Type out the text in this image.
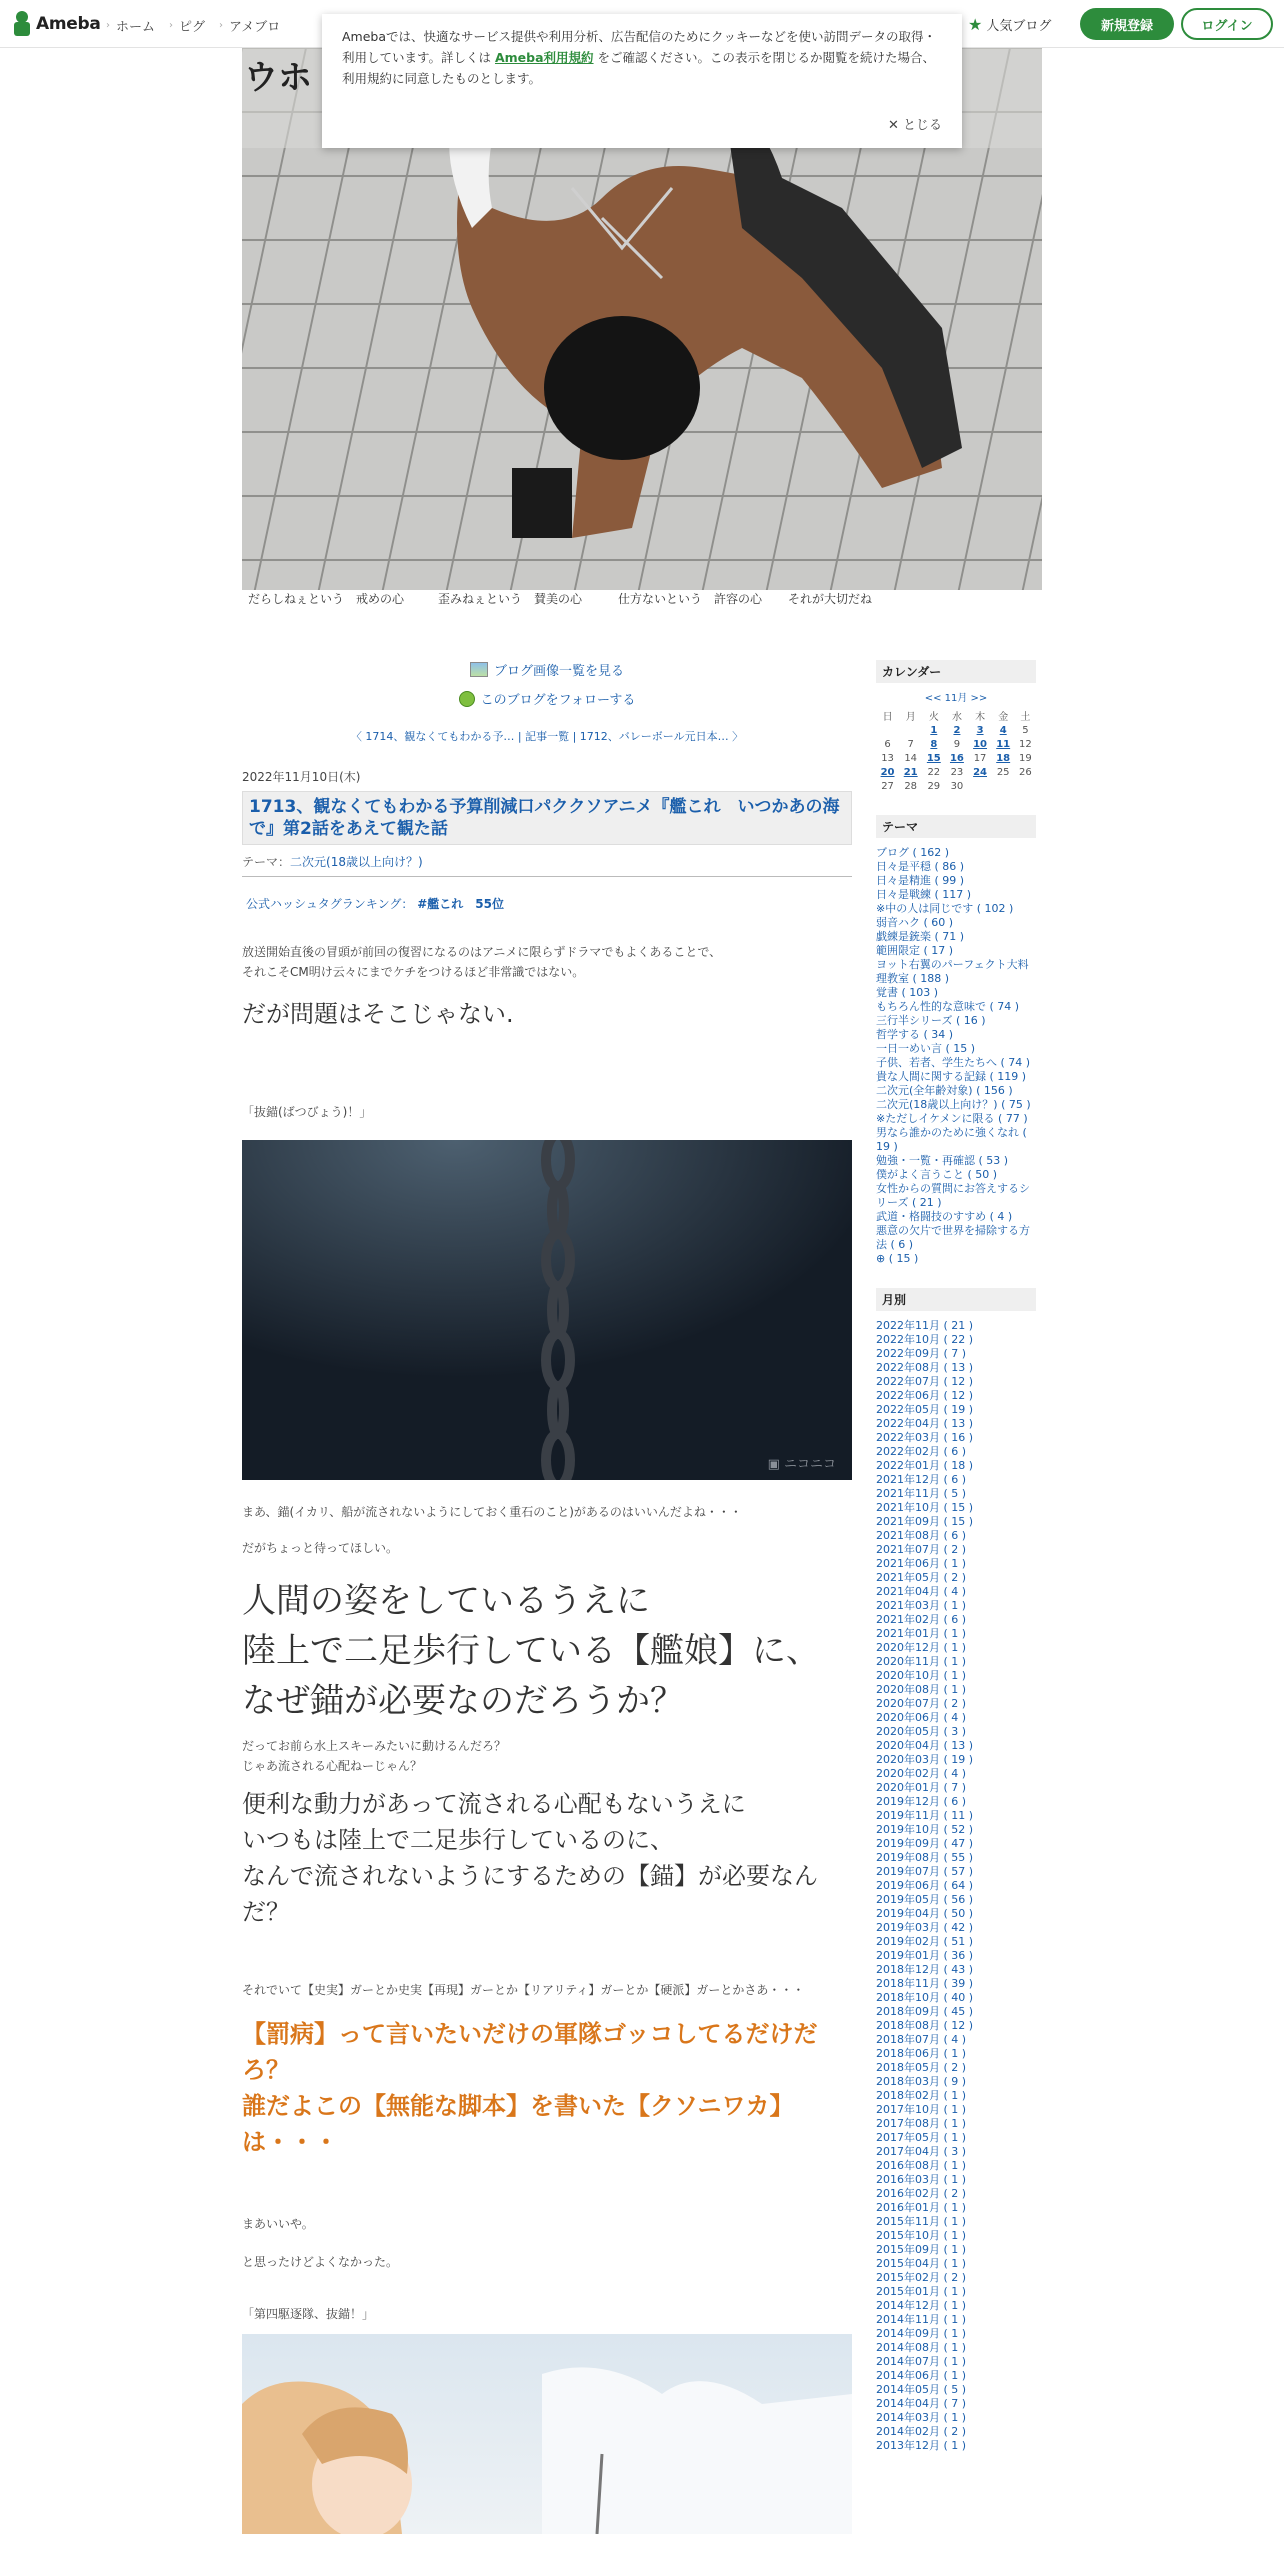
Ameba › ホーム › ピグ › アメブロ	★ 人気ブログ	新規登録	ログイン
Amebaでは、快適なサービス提供や利用分析、広告配信のためにクッキーなどを使い訪問データの取得・利用しています。詳しくは Ameba利用規約 をご確認ください。この表示を閉じるか閲覧を続けた場合、利用規約に同意したものとします。
✕ とじる
ウホ
だらしねぇという　戒めの心	歪みねぇという　賛美の心	仕方ないという　許容の心	それが大切だね
ブログ画像一覧を見る
このブログをフォローする
〈 1714、観なくてもわかる予… | 記事一覧 | 1712、バレーボール元日本… 〉
2022年11月10日(木)
1713、観なくてもわかる予算削減口パククソアニメ『艦これ　いつかあの海で』第2話をあえて観た話
テーマ：二次元(18歳以上向け？)
公式ハッシュタグランキング： #艦これ　55位
放送開始直後の冒頭が前回の復習になるのはアニメに限らずドラマでもよくあることで、
それこそCM明け云々にまでケチをつけるほど非常識ではない。
だが問題はそこじゃない.
「抜錨(ばつびょう)！」
▣ ニコニコ
まあ、錨(イカリ、船が流されないようにしておく重石のこと)があるのはいいんだよね・・・
だがちょっと待ってほしい。
人間の姿をしているうえに
陸上で二足歩行している【艦娘】に、
なぜ錨が必要なのだろうか？
だってお前ら水上スキーみたいに動けるんだろ？
じゃあ流される心配ねーじゃん？
便利な動力があって流される心配もないうえに
いつもは陸上で二足歩行しているのに、
なんで流されないようにするための【錨】が必要なんだ？
それでいて【史実】ガーとか史実【再現】ガーとか【リアリティ】ガーとか【硬派】ガーとかさあ・・・
【罰病】って言いたいだけの軍隊ゴッコしてるだけだろ？
誰だよこの【無能な脚本】を書いた【クソニワカ】は・・・
まあいいや。
と思ったけどよくなかった。
「第四駆逐隊、抜錨！」
カレンダー
<< 11月 >>
日	月	火	水	木	金	土
		1	2	3	4	5
6	7	8	9	10	11	12
13	14	15	16	17	18	19
20	21	22	23	24	25	26
27	28	29	30			
テーマ
ブログ ( 162 )
日々是平穏 ( 86 )
日々是精進 ( 99 )
日々是戦練 ( 117 )
※中の人は同じです ( 102 )
弱音ハク ( 60 )
戯練是銃楽 ( 71 )
範囲限定 ( 17 )
ヨット右翼のパーフェクト大料理教室 ( 188 )
覚書 ( 103 )
もちろん性的な意味で ( 74 )
三行半シリーズ ( 16 )
哲学する ( 34 )
一日一めい言 ( 15 )
子供、若者、学生たちへ ( 74 )
貴な人間に関する記録 ( 119 )
二次元(全年齢対象) ( 156 )
二次元(18歳以上向け？) ( 75 )
※ただしイケメンに限る ( 77 )
男なら誰かのために強くなれ ( 19 )
勉強・一覧・再確認 ( 53 )
僕がよく言うこと ( 50 )
女性からの質問にお答えするシリーズ ( 21 )
武道・格闘技のすすめ ( 4 )
悪意の欠片で世界を掃除する方法 ( 6 )
⊕ ( 15 )
月別
2022年11月 ( 21 )
2022年10月 ( 22 )
2022年09月 ( 7 )
2022年08月 ( 13 )
2022年07月 ( 12 )
2022年06月 ( 12 )
2022年05月 ( 19 )
2022年04月 ( 13 )
2022年03月 ( 16 )
2022年02月 ( 6 )
2022年01月 ( 18 )
2021年12月 ( 6 )
2021年11月 ( 5 )
2021年10月 ( 15 )
2021年09月 ( 15 )
2021年08月 ( 6 )
2021年07月 ( 2 )
2021年06月 ( 1 )
2021年05月 ( 2 )
2021年04月 ( 4 )
2021年03月 ( 1 )
2021年02月 ( 6 )
2021年01月 ( 1 )
2020年12月 ( 1 )
2020年11月 ( 1 )
2020年10月 ( 1 )
2020年08月 ( 1 )
2020年07月 ( 2 )
2020年06月 ( 4 )
2020年05月 ( 3 )
2020年04月 ( 13 )
2020年03月 ( 19 )
2020年02月 ( 4 )
2020年01月 ( 7 )
2019年12月 ( 6 )
2019年11月 ( 11 )
2019年10月 ( 52 )
2019年09月 ( 47 )
2019年08月 ( 55 )
2019年07月 ( 57 )
2019年06月 ( 64 )
2019年05月 ( 56 )
2019年04月 ( 50 )
2019年03月 ( 42 )
2019年02月 ( 51 )
2019年01月 ( 36 )
2018年12月 ( 43 )
2018年11月 ( 39 )
2018年10月 ( 40 )
2018年09月 ( 45 )
2018年08月 ( 12 )
2018年07月 ( 4 )
2018年06月 ( 1 )
2018年05月 ( 2 )
2018年03月 ( 9 )
2018年02月 ( 1 )
2017年10月 ( 1 )
2017年08月 ( 1 )
2017年05月 ( 1 )
2017年04月 ( 3 )
2016年08月 ( 1 )
2016年03月 ( 1 )
2016年02月 ( 2 )
2016年01月 ( 1 )
2015年11月 ( 1 )
2015年10月 ( 1 )
2015年09月 ( 1 )
2015年04月 ( 1 )
2015年02月 ( 2 )
2015年01月 ( 1 )
2014年12月 ( 1 )
2014年11月 ( 1 )
2014年09月 ( 1 )
2014年08月 ( 1 )
2014年07月 ( 1 )
2014年06月 ( 1 )
2014年05月 ( 5 )
2014年04月 ( 7 )
2014年03月 ( 1 )
2014年02月 ( 2 )
2013年12月 ( 1 )
